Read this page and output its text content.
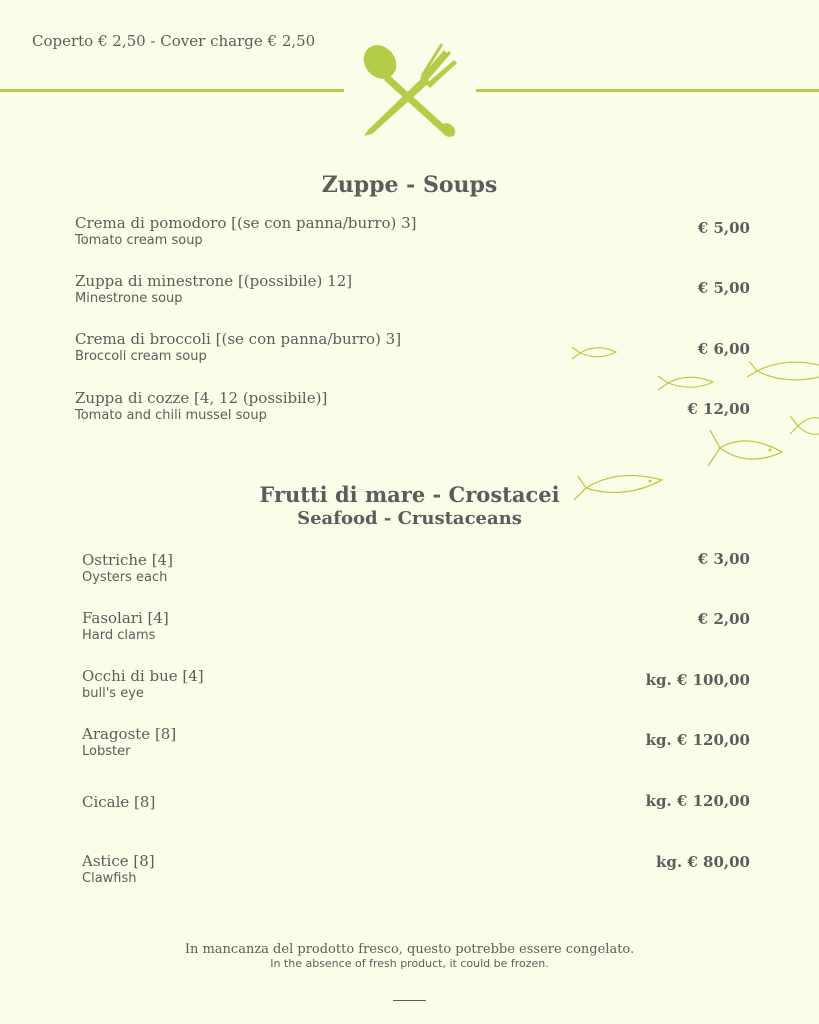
Coperto € 2,50 - Cover charge € 2,50
Zuppe - Soups
Crema di pomodoro [(se con panna/burro) 3]
Tomato cream soup
€ 5,00
Zuppa di minestrone [(possibile) 12]
Minestrone soup
€ 5,00
Crema di broccoli [(se con panna/burro) 3]
Broccoli cream soup	€ 6,00
Zuppa di cozze [4, 12 (possibile)]
Tomato and chili mussel soup	€ 12,00
Frutti di mare - Crostacei
Seafood - Crustaceans
Ostriche [4]
Oysters each
€ 3,00
Fasolari [4]
Hard clams
€ 2,00
Occhi di bue [4]
bull's eye
kg. € 100,00
Aragoste [8]
Lobster
kg. € 120,00
Cicale [8]	kg. € 120,00
Astice [8]
Clawfish
kg. € 80,00
In mancanza del prodotto fresco, questo potrebbe essere congelato.
In the absence of fresh product, it could be frozen.
